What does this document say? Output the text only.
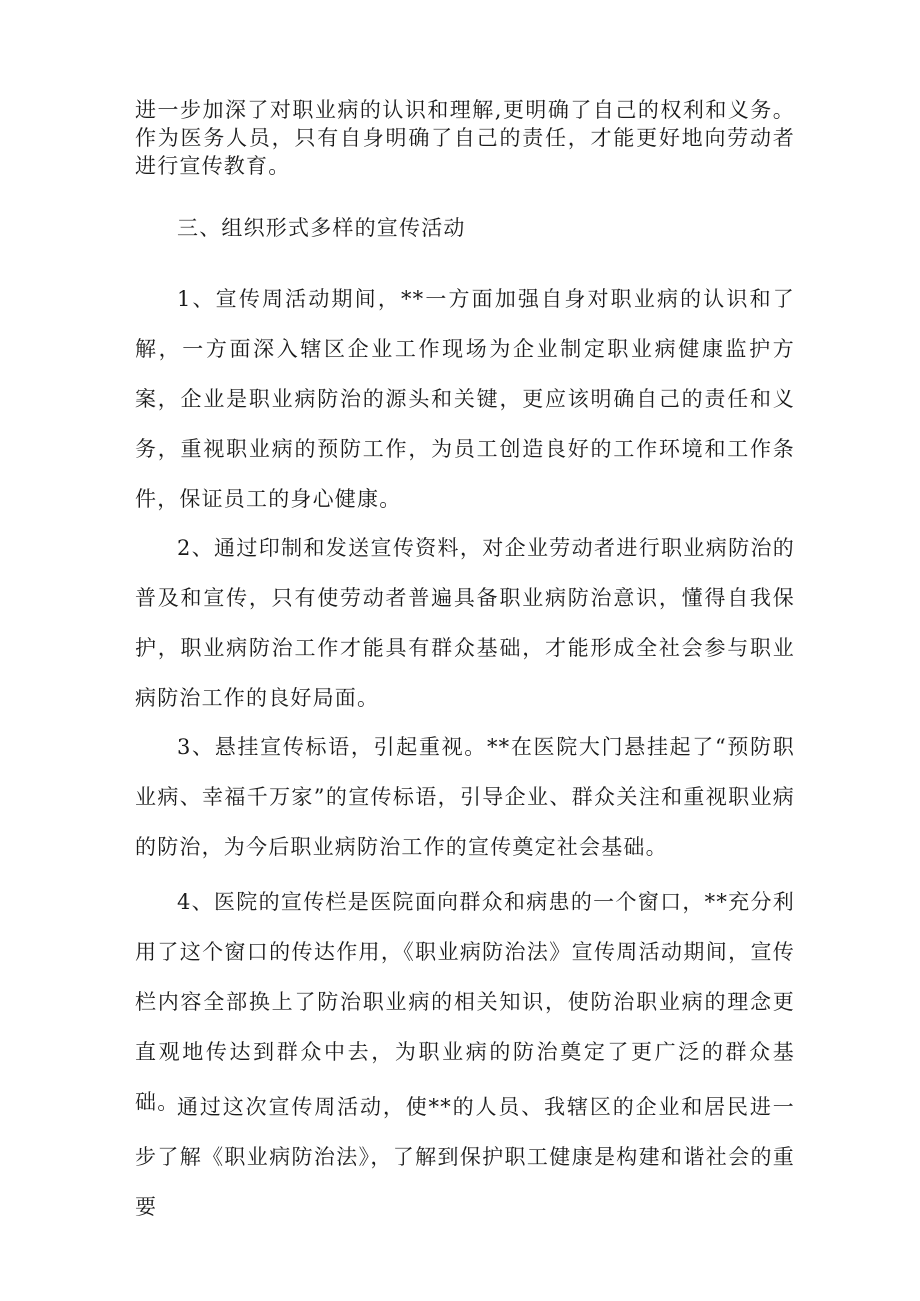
进一步加深了对职业病的认识和理解,更明确了自己的权利和义务。作为医务人员，只有自身明确了自己的责任，才能更好地向劳动者进行宣传教育。

三、组织形式多样的宣传活动

1、宣传周活动期间，**一方面加强自身对职业病的认识和了解，一方面深入辖区企业工作现场为企业制定职业病健康监护方案，企业是职业病防治的源头和关键，更应该明确自己的责任和义务，重视职业病的预防工作，为员工创造良好的工作环境和工作条件，保证员工的身心健康。

2、通过印制和发送宣传资料，对企业劳动者进行职业病防治的普及和宣传，只有使劳动者普遍具备职业病防治意识，懂得自我保护，职业病防治工作才能具有群众基础，才能形成全社会参与职业病防治工作的良好局面。

3、悬挂宣传标语，引起重视。**在医院大门悬挂起了“预防职业病、幸福千万家”的宣传标语，引导企业、群众关注和重视职业病的防治，为今后职业病防治工作的宣传奠定社会基础。

4、医院的宣传栏是医院面向群众和病患的一个窗口，**充分利用了这个窗口的传达作用，《职业病防治法》宣传周活动期间，宣传栏内容全部换上了防治职业病的相关知识，使防治职业病的理念更直观地传达到群众中去，为职业病的防治奠定了更广泛的群众基础。

通过这次宣传周活动，使**的人员、我辖区的企业和居民进一步了解《职业病防治法》，了解到保护职工健康是构建和谐社会的重要
